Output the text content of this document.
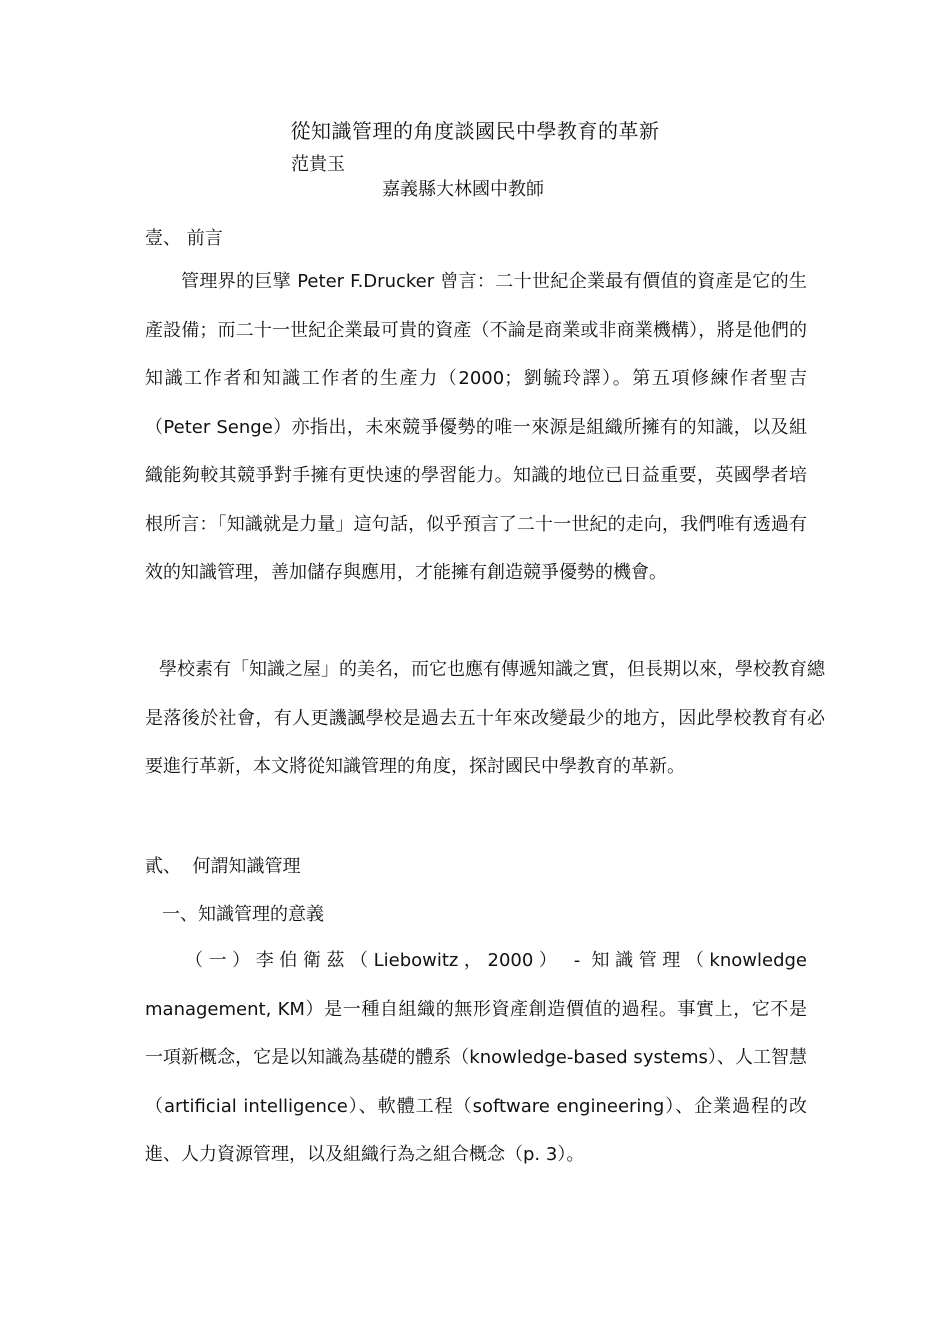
從知識管理的角度談國民中學教育的革新
范貴玉
嘉義縣大林國中教師
壹、 前言
管理界的巨擘 Peter F.Drucker 曾言：二十世紀企業最有價值的資產是它的生產設備；而二十一世紀企業最可貴的資產（不論是商業或非商業機構），將是他們的知識工作者和知識工作者的生產力（2000；劉毓玲譯）。第五項修練作者聖吉（Peter Senge）亦指出，未來競爭優勢的唯一來源是組織所擁有的知識，以及組織能夠較其競爭對手擁有更快速的學習能力。知識的地位已日益重要，英國學者培根所言：「知識就是力量」這句話，似乎預言了二十一世紀的走向，我們唯有透過有效的知識管理，善加儲存與應用，才能擁有創造競爭優勢的機會。
學校素有「知識之屋」的美名，而它也應有傳遞知識之實，但長期以來，學校教育總是落後於社會，有人更譏諷學校是過去五十年來改變最少的地方，因此學校教育有必要進行革新，本文將從知識管理的角度，探討國民中學教育的革新。
貳、  何謂知識管理
一、知識管理的意義
（一）李伯衛茲（Liebowitz，2000） - 知識管理（knowledge management, KM）是一種自組織的無形資產創造價值的過程。事實上，它不是一項新概念，它是以知識為基礎的體系（knowledge-based systems）、人工智慧（artificial intelligence）、軟體工程（software engineering）、企業過程的改進、人力資源管理，以及組織行為之組合概念（p. 3）。
